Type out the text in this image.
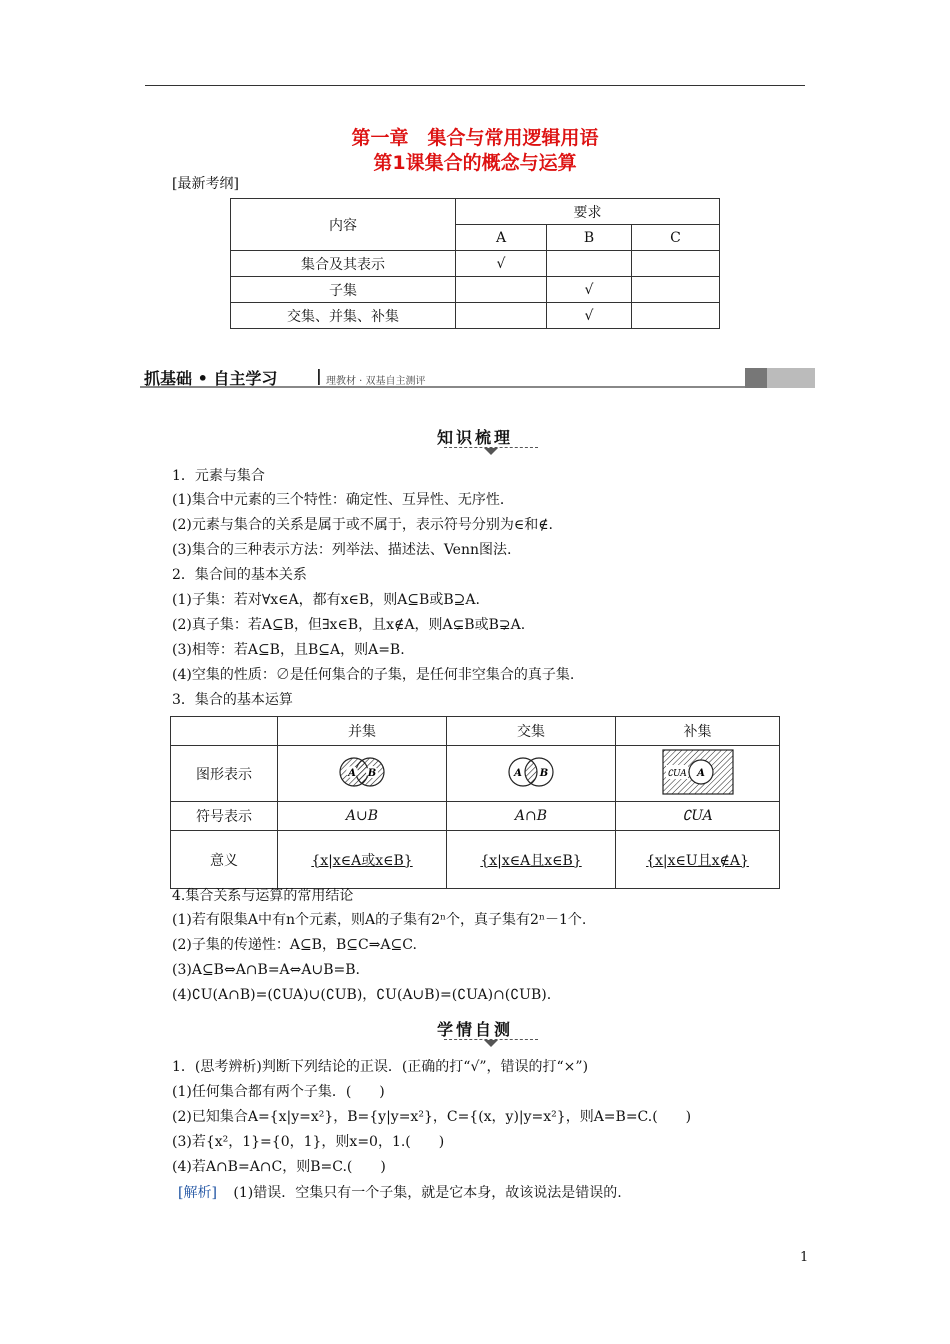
第一章　集合与常用逻辑用语
第1课集合的概念与运算
[最新考纲]
内容	要求		
	A	B	C
集合及其表示	√		
子集		√	
交集、并集、补集		√	
抓基础 • 自主学习 | 理教材 · 双基自主测评
知识梳理
1．元素与集合
(1)集合中元素的三个特性：确定性、互异性、无序性．
(2)元素与集合的关系是属于或不属于，表示符号分别为∈和∉.
(3)集合的三种表示方法：列举法、描述法、Venn图法.
2．集合间的基本关系
(1)子集：若对∀x∈A，都有x∈B，则A⊆B或B⊇A.
(2)真子集：若A⊆B，但∃x∈B，且x∉A，则A⊊B或B⊋A.
(3)相等：若A⊆B，且B⊆A，则A=B.
(4)空集的性质：∅是任何集合的子集，是任何非空集合的真子集.
3．集合的基本运算
	并集	交集	补集
图形表示	A B	A B	∁UA A

符号表示	A∪B	A∩B	∁UA
意义	{x|x∈A或x∈B}	{x|x∈A且x∈B}	{x|x∈U且x∉A}
4.集合关系与运算的常用结论
(1)若有限集A中有n个元素，则A的子集有2ⁿ个，真子集有2ⁿ－1个.
(2)子集的传递性：A⊆B，B⊆C⇒A⊆C.
(3)A⊆B⇔A∩B=A⇔A∪B=B.
(4)∁U(A∩B)=(∁UA)∪(∁UB)，∁U(A∪B)=(∁UA)∩(∁UB).
学情自测
1．(思考辨析)判断下列结论的正误．(正确的打“√”，错误的打“×”)
(1)任何集合都有两个子集．(　　)
(2)已知集合A={x|y=x²}，B={y|y=x²}，C={(x，y)|y=x²}，则A=B=C.(　　)
(3)若{x²，1}={0，1}，则x=0，1.(　　)
(4)若A∩B=A∩C，则B=C.(　　)
[解析] (1)错误．空集只有一个子集，就是它本身，故该说法是错误的.
1
